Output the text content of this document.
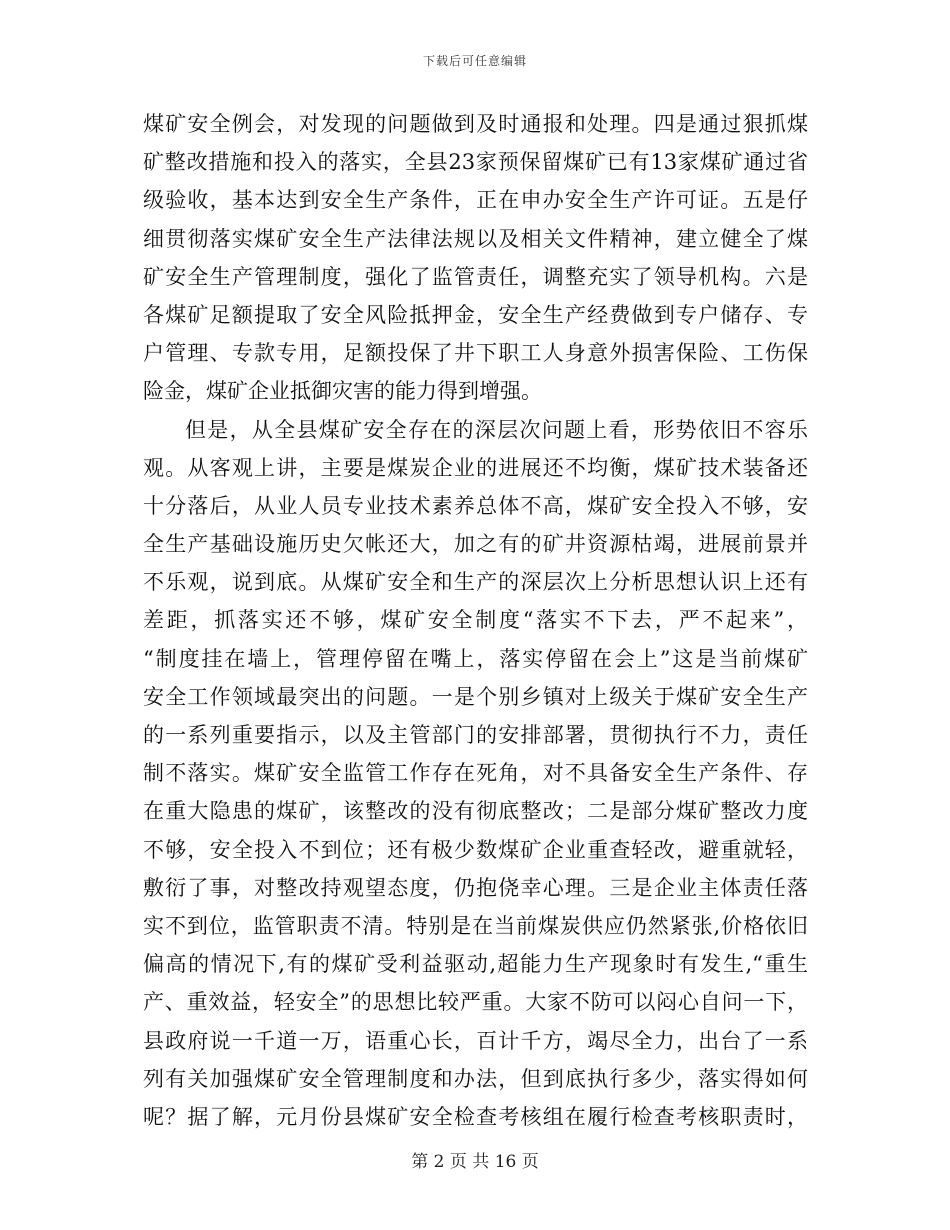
下载后可任意编辑
煤矿安全例会，对发现的问题做到及时通报和处理。四是通过狠抓煤
矿整改措施和投入的落实，全县23家预保留煤矿已有13家煤矿通过省
级验收，基本达到安全生产条件，正在申办安全生产许可证。五是仔
细贯彻落实煤矿安全生产法律法规以及相关文件精神，建立健全了煤
矿安全生产管理制度，强化了监管责任，调整充实了领导机构。六是
各煤矿足额提取了安全风险抵押金，安全生产经费做到专户储存、专
户管理、专款专用，足额投保了井下职工人身意外损害保险、工伤保
险金，煤矿企业抵御灾害的能力得到增强。
但是，从全县煤矿安全存在的深层次问题上看，形势依旧不容乐
观。从客观上讲，主要是煤炭企业的进展还不均衡，煤矿技术装备还
十分落后，从业人员专业技术素养总体不高，煤矿安全投入不够，安
全生产基础设施历史欠帐还大，加之有的矿井资源枯竭，进展前景并
不乐观，说到底。从煤矿安全和生产的深层次上分析思想认识上还有
差距，抓落实还不够，煤矿安全制度“落实不下去，严不起来”，
“制度挂在墙上，管理停留在嘴上，落实停留在会上”这是当前煤矿
安全工作领域最突出的问题。一是个别乡镇对上级关于煤矿安全生产
的一系列重要指示，以及主管部门的安排部署，贯彻执行不力，责任
制不落实。煤矿安全监管工作存在死角，对不具备安全生产条件、存
在重大隐患的煤矿，该整改的没有彻底整改；二是部分煤矿整改力度
不够，安全投入不到位；还有极少数煤矿企业重查轻改，避重就轻，
敷衍了事，对整改持观望态度，仍抱侥幸心理。三是企业主体责任落
实不到位，监管职责不清。特别是在当前煤炭供应仍然紧张,价格依旧
偏高的情况下,有的煤矿受利益驱动,超能力生产现象时有发生,“重生
产、重效益，轻安全”的思想比较严重。大家不防可以闷心自问一下，
县政府说一千道一万，语重心长，百计千方，竭尽全力，出台了一系
列有关加强煤矿安全管理制度和办法，但到底执行多少，落实得如何
呢？据了解，元月份县煤矿安全检查考核组在履行检查考核职责时，
第 2 页 共 16 页
